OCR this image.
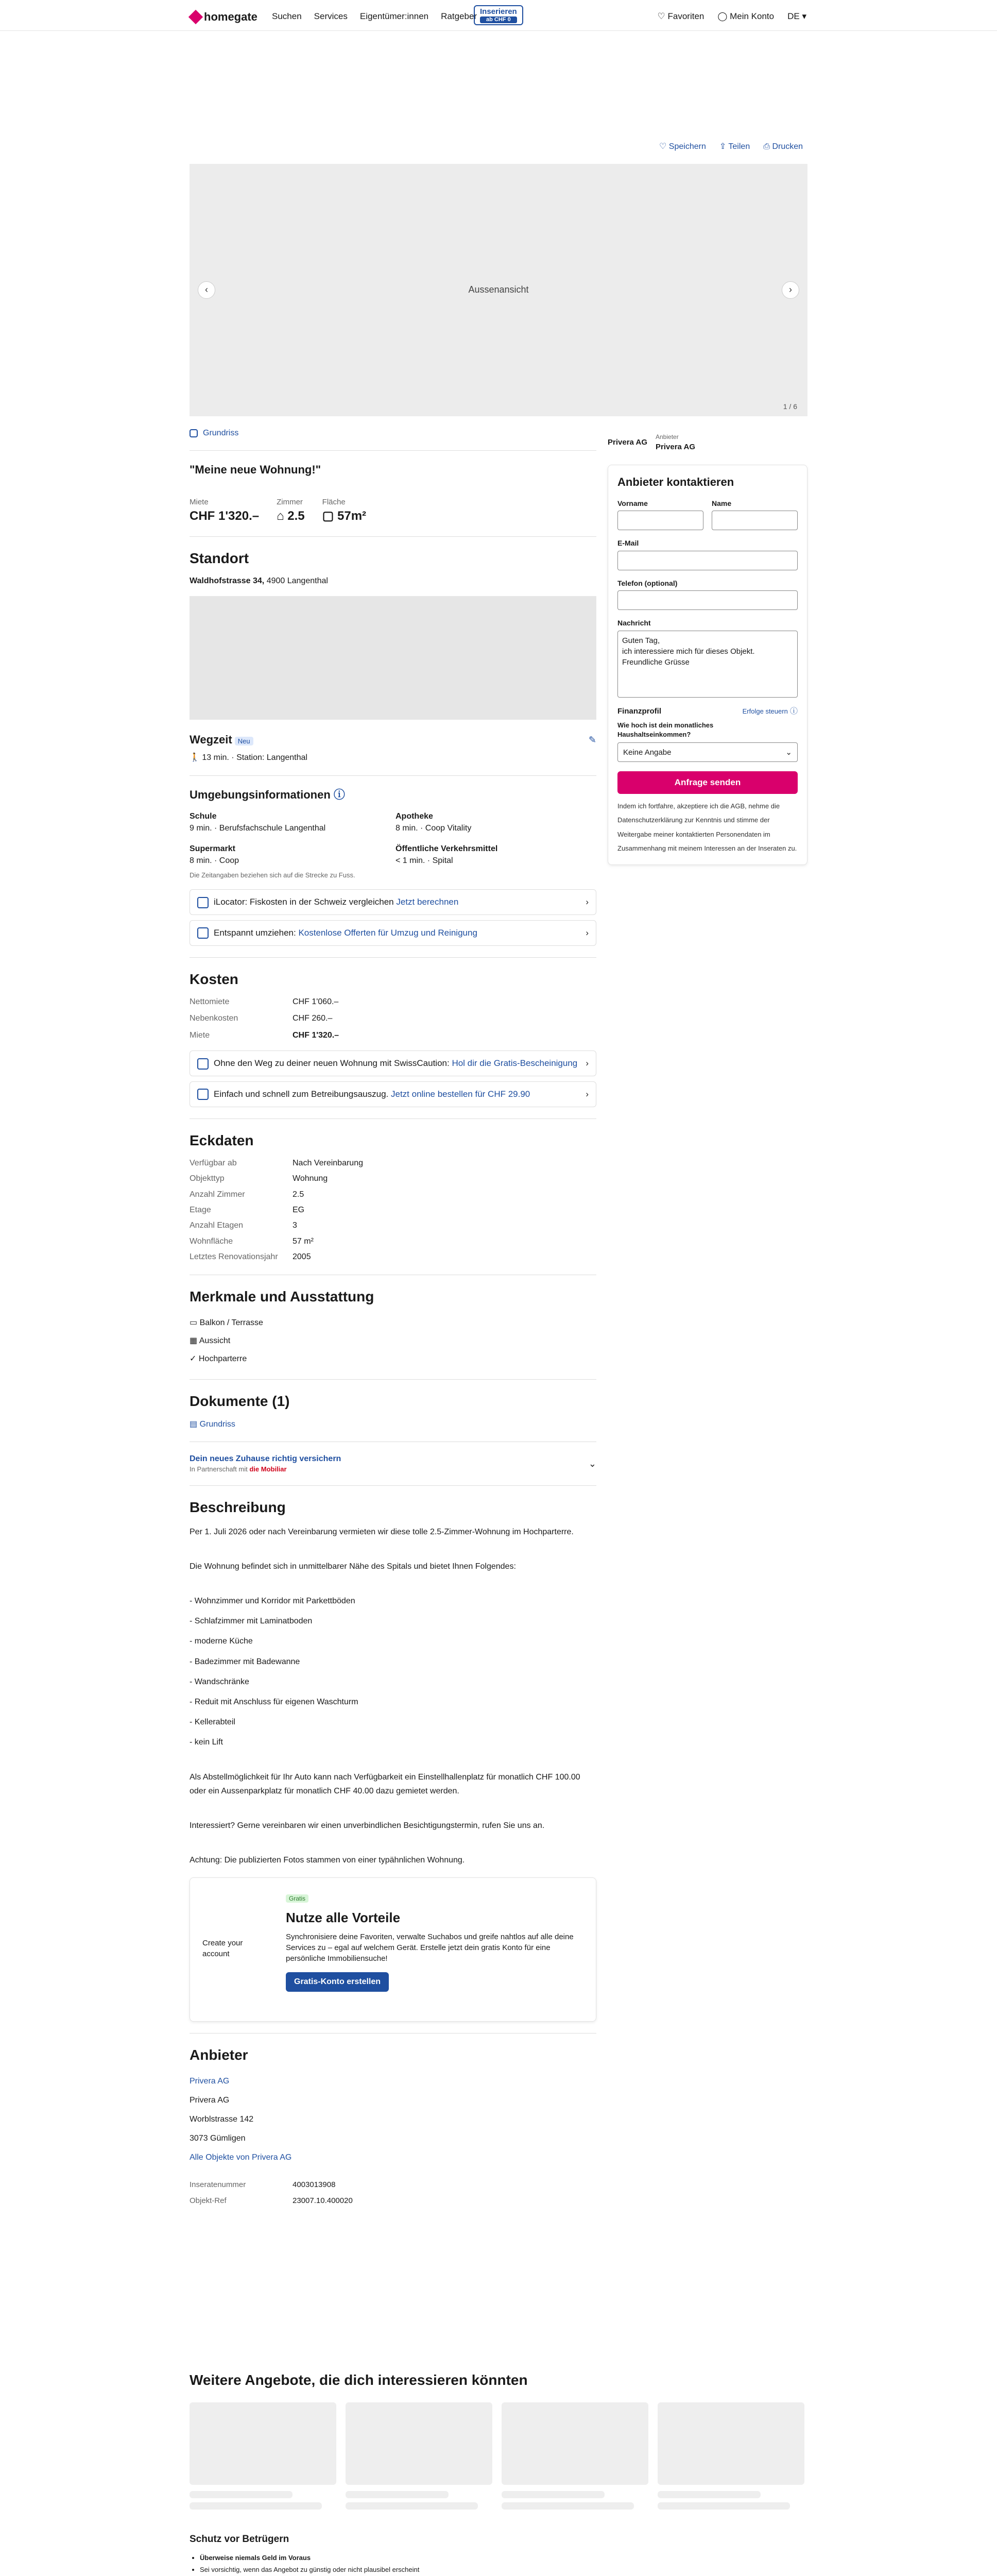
homegate Suchen Services Eigentümer:innen Ratgeber Inserieren
ab CHF 0	♡ Favoriten ◯ Mein Konto DE ▾
♡ Speichern ⇪ Teilen ⎙ Drucken
Aussenansicht
‹	›
1 / 6
Grundriss
"Meine neue Wohnung!"
Miete
CHF 1'320.–
Zimmer
⌂ 2.5
Fläche
▢ 57m²
Standort
Waldhofstrasse 34, 4900 Langenthal
Wegzeit Neu	✎
🚶 13 min. · Station: Langenthal
Umgebungsinformationen ⓘ
Schule
9 min. · Berufsfachschule Langenthal
Apotheke
8 min. · Coop Vitality
Supermarkt
8 min. · Coop
Öffentliche Verkehrsmittel
< 1 min. · Spital
Die Zeitangaben beziehen sich auf die Strecke zu Fuss.
iLocator: Fiskosten in der Schweiz vergleichen Jetzt berechnen	›
Entspannt umziehen: Kostenlose Offerten für Umzug und Reinigung	›
Kosten
Nettomiete	CHF 1'060.–
Nebenkosten	CHF 260.–
Miete	CHF 1'320.–
Ohne den Weg zu deiner neuen Wohnung mit SwissCaution: Hol dir die Gratis-Bescheinigung ›
Einfach und schnell zum Betreibungsauszug. Jetzt online bestellen für CHF 29.90	›
Eckdaten
Verfügbar ab	Nach Vereinbarung
Objekttyp	Wohnung
Anzahl Zimmer	2.5
Etage	EG
Anzahl Etagen	3
Wohnfläche	57 m²
Letztes Renovationsjahr	2005
Merkmale und Ausstattung
▭ Balkon / Terrasse
▦ Aussicht
✓ Hochparterre
Dokumente (1)
▤ Grundriss
Dein neues Zuhause richtig versichern
In Partnerschaft mit die Mobiliar
⌄
Beschreibung

Per 1. Juli 2026 oder nach Vereinbarung vermieten wir diese tolle 2.5-Zimmer-Wohnung im Hochparterre.

Die Wohnung befindet sich in unmittelbarer Nähe des Spitals und bietet Ihnen Folgendes:

- Wohnzimmer und Korridor mit Parkettböden

- Schlafzimmer mit Laminatboden

- moderne Küche

- Badezimmer mit Badewanne

- Wandschränke

- Reduit mit Anschluss für eigenen Waschturm

- Kellerabteil

- kein Lift

Als Abstellmöglichkeit für Ihr Auto kann nach Verfügbarkeit ein Einstellhallenplatz für monatlich CHF 100.00 oder ein Aussenparkplatz für monatlich CHF 40.00 dazu gemietet werden.

Interessiert? Gerne vereinbaren wir einen unverbindlichen Besichtigungstermin, rufen Sie uns an.

Achtung: Die publizierten Fotos stammen von einer typähnlichen Wohnung.

Create your account
Gratis
Nutze alle Vorteile
Synchronisiere deine Favoriten, verwalte Suchabos und greife nahtlos auf alle deine Services zu – egal auf welchem Gerät. Erstelle jetzt dein gratis Konto für eine persönliche Immobiliensuche!
Gratis-Konto erstellen
Anbieter
Privera AG
Privera AG
Worblstrasse 142
3073 Gümligen
Alle Objekte von Privera AG
Inseratenummer	4003013908
Objekt-Ref	23007.10.400020
Privera AG
Anbieter
Privera AG
Anbieter kontaktieren
Vorname	Name
E-Mail
Telefon (optional)
Nachricht
Guten Tag,
ich interessiere mich für dieses Objekt.
Freundliche Grüsse
Finanzprofil	Erfolge steuern ⓘ
Wie hoch ist dein monatliches Haushaltseinkommen?
Keine Angabe	⌄
Anfrage senden
Indem ich fortfahre, akzeptiere ich die AGB, nehme die Datenschutzerklärung zur Kenntnis und stimme der Weitergabe meiner kontaktierten Personendaten im Zusammenhang mit meinem Interessen an der Inseraten zu.
Weitere Angebote, die dich interessieren könnten
Schutz vor Betrügern
• Überweise niemals Geld im Voraus
• Sei vorsichtig, wenn das Angebot zu günstig oder nicht plausibel erscheint
•
